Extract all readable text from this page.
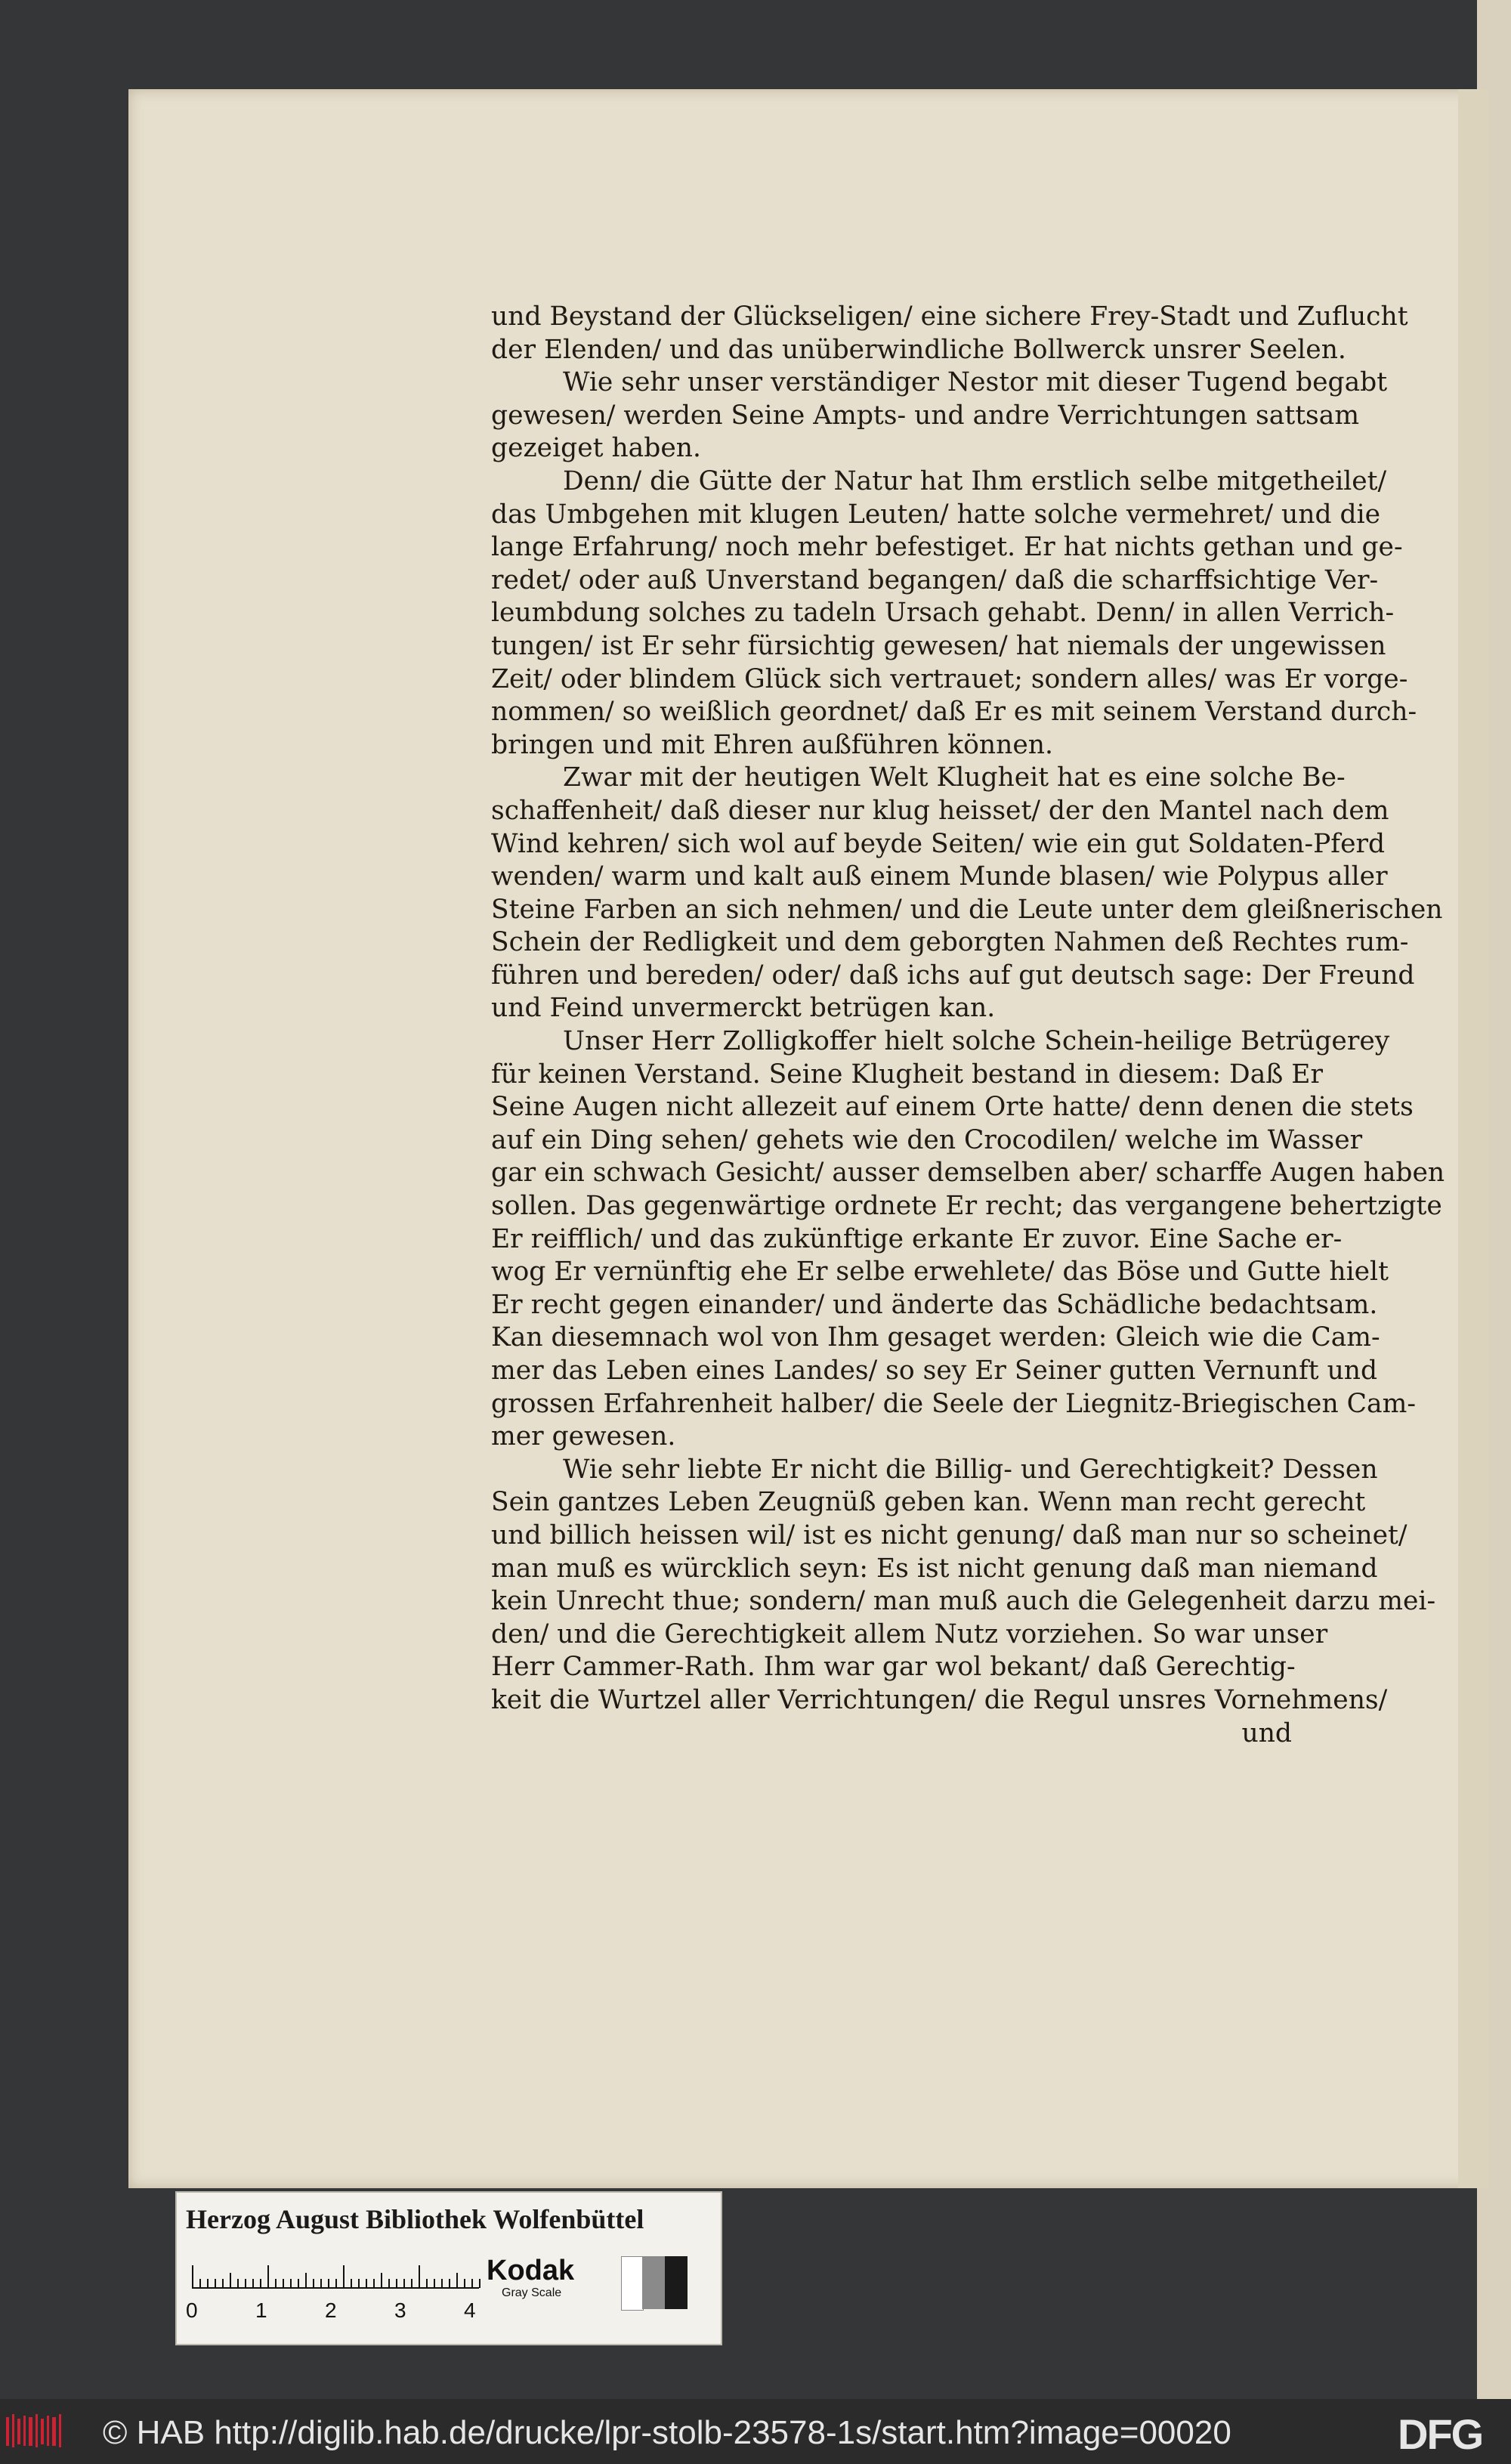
und Beystand der Glückseligen/ eine sichere Frey-Stadt und Zuflucht
der Elenden/ und das unüberwindliche Bollwerck unsrer Seelen.

Wie sehr unser verständiger Nestor mit dieser Tugend begabt
gewesen/ werden Seine Ampts- und andre Verrichtungen sattsam
gezeiget haben.

Denn/ die Gütte der Natur hat Ihm erstlich selbe mitgetheilet/
das Umbgehen mit klugen Leuten/ hatte solche vermehret/ und die
lange Erfahrung/ noch mehr befestiget. Er hat nichts gethan und ge-
redet/ oder auß Unverstand begangen/ daß die scharffsichtige Ver-
leumbdung solches zu tadeln Ursach gehabt. Denn/ in allen Verrich-
tungen/ ist Er sehr fürsichtig gewesen/ hat niemals der ungewissen
Zeit/ oder blindem Glück sich vertrauet; sondern alles/ was Er vorge-
nommen/ so weißlich geordnet/ daß Er es mit seinem Verstand durch-
bringen und mit Ehren außführen können.

Zwar mit der heutigen Welt Klugheit hat es eine solche Be-
schaffenheit/ daß dieser nur klug heisset/ der den Mantel nach dem
Wind kehren/ sich wol auf beyde Seiten/ wie ein gut Soldaten-Pferd
wenden/ warm und kalt auß einem Munde blasen/ wie Polypus aller
Steine Farben an sich nehmen/ und die Leute unter dem gleißnerischen
Schein der Redligkeit und dem geborgten Nahmen deß Rechtes rum-
führen und bereden/ oder/ daß ichs auf gut deutsch sage: Der Freund
und Feind unvermerckt betrügen kan.

Unser Herr Zolligkoffer hielt solche Schein-heilige Betrügerey
für keinen Verstand. Seine Klugheit bestand in diesem: Daß Er
Seine Augen nicht allezeit auf einem Orte hatte/ denn denen die stets
auf ein Ding sehen/ gehets wie den Crocodilen/ welche im Wasser
gar ein schwach Gesicht/ ausser demselben aber/ scharffe Augen haben
sollen. Das gegenwärtige ordnete Er recht; das vergangene behertzigte
Er reifflich/ und das zukünftige erkante Er zuvor. Eine Sache er-
wog Er vernünftig ehe Er selbe erwehlete/ das Böse und Gutte hielt
Er recht gegen einander/ und änderte das Schädliche bedachtsam.
Kan diesemnach wol von Ihm gesaget werden: Gleich wie die Cam-
mer das Leben eines Landes/ so sey Er Seiner gutten Vernunft und
grossen Erfahrenheit halber/ die Seele der Liegnitz-Briegischen Cam-
mer gewesen.

Wie sehr liebte Er nicht die Billig- und Gerechtigkeit? Dessen
Sein gantzes Leben Zeugnüß geben kan. Wenn man recht gerecht
und billich heissen wil/ ist es nicht genung/ daß man nur so scheinet/
man muß es würcklich seyn: Es ist nicht genung daß man niemand
kein Unrecht thue; sondern/ man muß auch die Gelegenheit darzu mei-
den/ und die Gerechtigkeit allem Nutz vorziehen. So war unser
Herr Cammer-Rath. Ihm war gar wol bekant/ daß Gerechtig-
keit die Wurtzel aller Verrichtungen/ die Regul unsres Vornehmens/

und
Herzog August Bibliothek Wolfenbüttel
0	1	2	3	4
Kodak
Gray Scale
© HAB http://diglib.hab.de/drucke/lpr-stolb-23578-1s/start.htm?image=00020	DFG
